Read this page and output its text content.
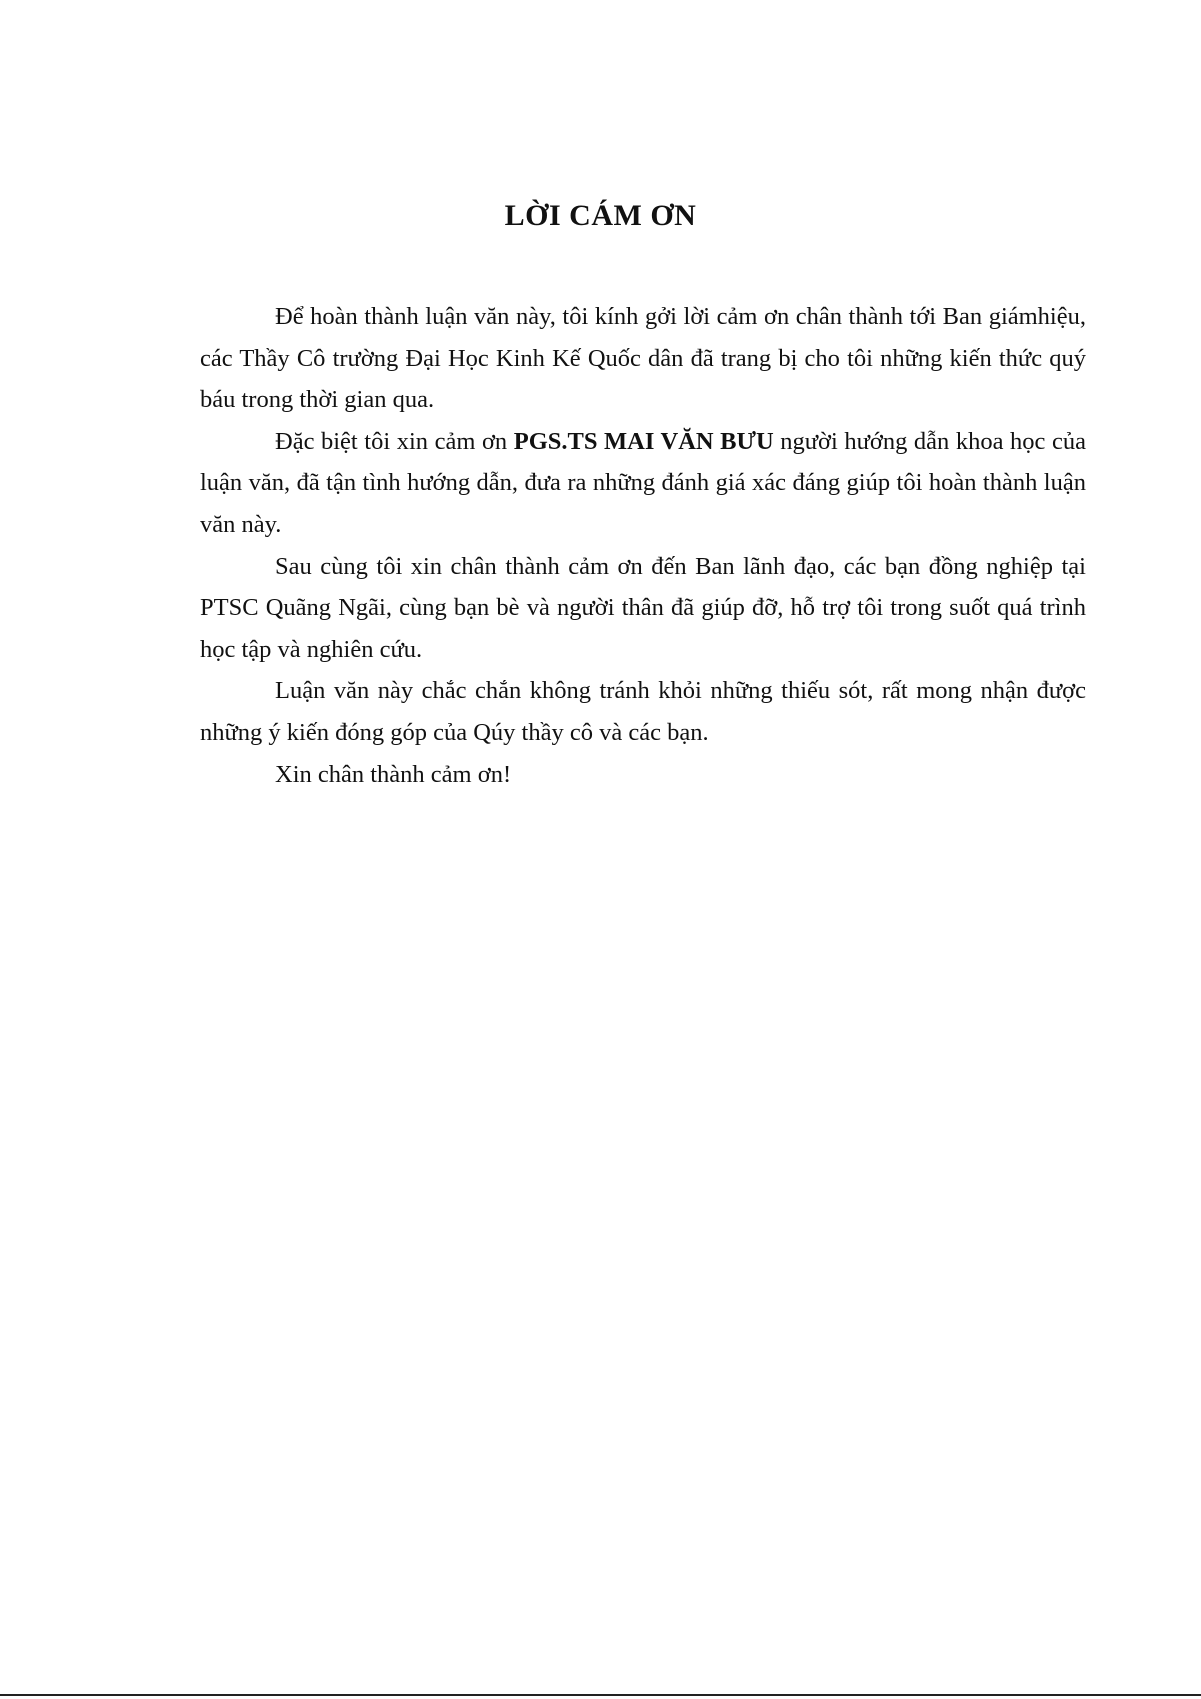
LỜI CÁM ƠN

Để hoàn thành luận văn này, tôi kính gởi lời cảm ơn chân thành tới Ban giámhiệu, các Thầy Cô trường Đại Học Kinh Kế Quốc dân đã trang bị cho tôi những kiến thức quý báu trong thời gian qua.

Đặc biệt tôi xin cảm ơn PGS.TS MAI VĂN BƯU người hướng dẫn khoa học của luận văn, đã tận tình hướng dẫn, đưa ra những đánh giá xác đáng giúp tôi hoàn thành luận văn này.

Sau cùng tôi xin chân thành cảm ơn đến Ban lãnh đạo, các bạn đồng nghiệp tại PTSC Quãng Ngãi, cùng bạn bè và người thân đã giúp đỡ, hỗ trợ tôi trong suốt quá trình học tập và nghiên cứu.

Luận văn này chắc chắn không tránh khỏi những thiếu sót, rất mong nhận được những ý kiến đóng góp của Qúy thầy cô và các bạn.

Xin chân thành cảm ơn!
